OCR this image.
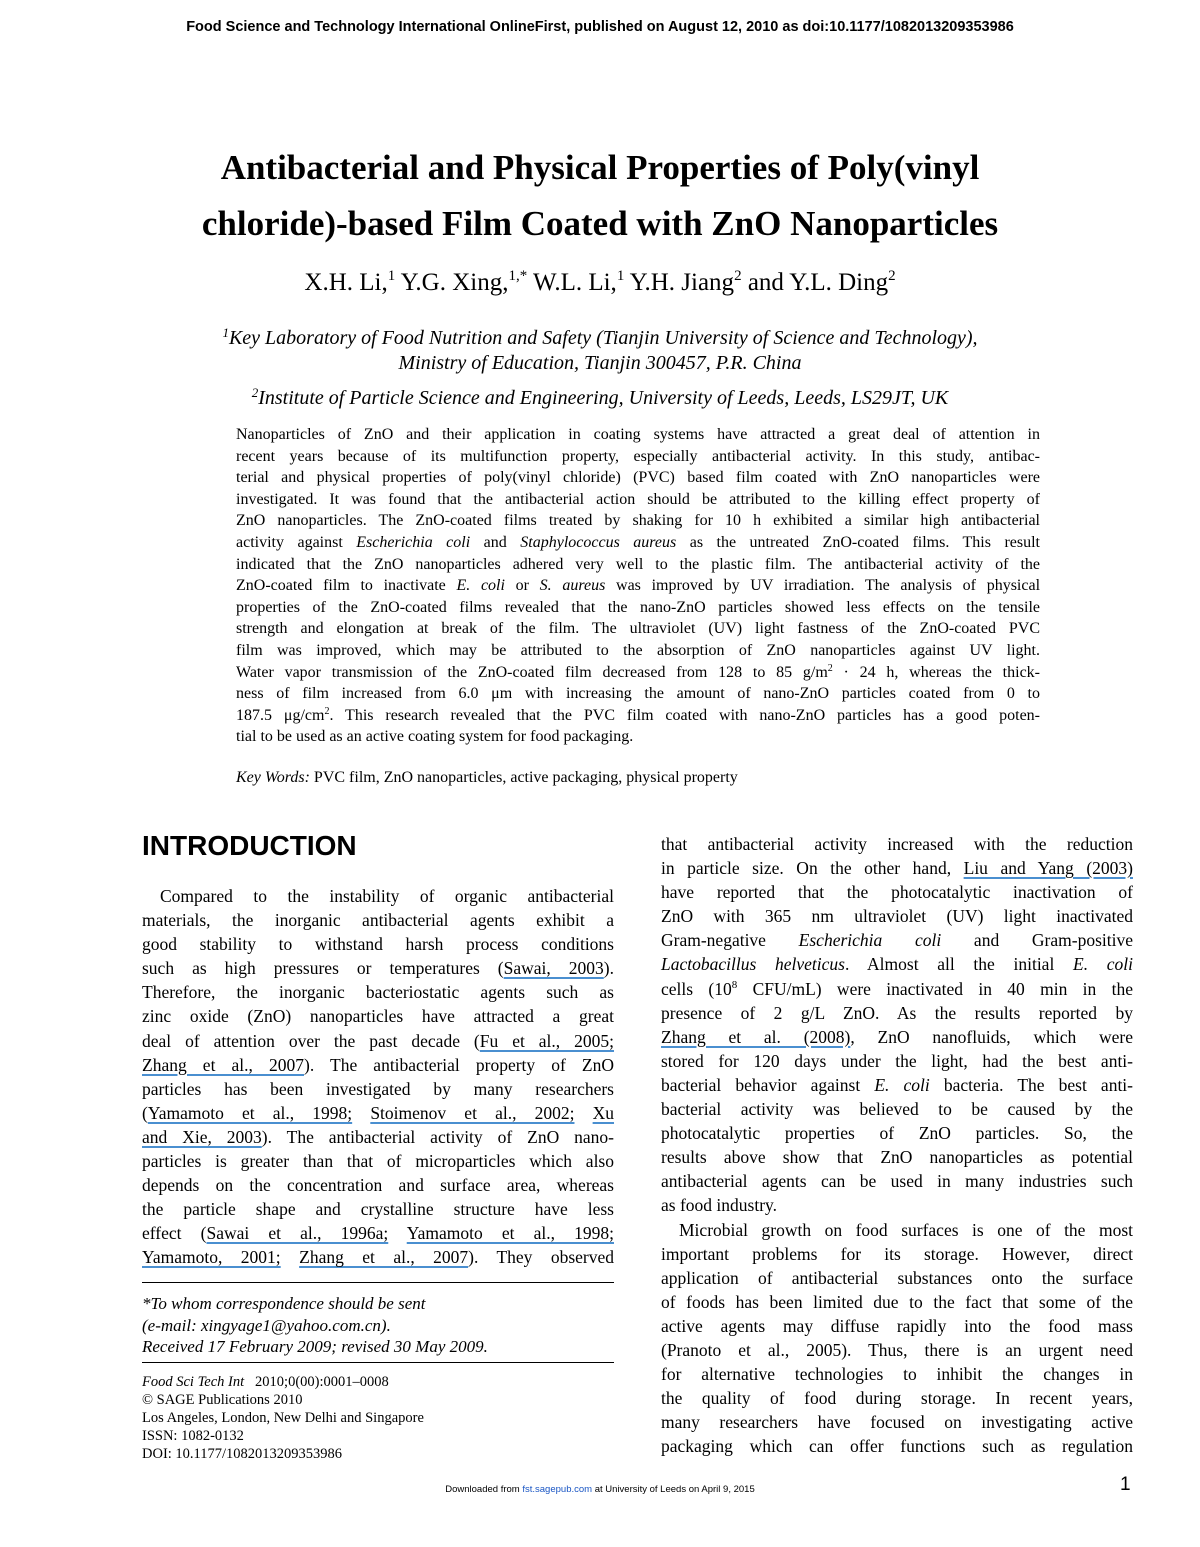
Food Science and Technology International OnlineFirst, published on August 12, 2010 as doi:10.1177/1082013209353986
Antibacterial and Physical Properties of Poly(vinyl
chloride)-based Film Coated with ZnO Nanoparticles
X.H. Li,$^1$ Y.G. Xing,$^{1,*}$ W.L. Li,$^1$ Y.H. Jiang$^2$ and Y.L. Ding$^2$
$^1$Key Laboratory of Food Nutrition and Safety (Tianjin University of Science and Technology),
Ministry of Education, Tianjin 300457, P.R. China
$^2$Institute of Particle Science and Engineering, University of Leeds, Leeds, LS29JT, UK
Nanoparticles of ZnO and their application in coating systems have attracted a great deal of attention in
recent years because of its multifunction property, especially antibacterial activity. In this study, antibac-
terial and physical properties of poly(vinyl chloride) (PVC) based film coated with ZnO nanoparticles were
investigated. It was found that the antibacterial action should be attributed to the killing effect property of
ZnO nanoparticles. The ZnO-coated films treated by shaking for 10 h exhibited a similar high antibacterial
activity against Escherichia coli and Staphylococcus aureus as the untreated ZnO-coated films. This result
indicated that the ZnO nanoparticles adhered very well to the plastic film. The antibacterial activity of the
ZnO-coated film to inactivate E. coli or S. aureus was improved by UV irradiation. The analysis of physical
properties of the ZnO-coated films revealed that the nano-ZnO particles showed less effects on the tensile
strength and elongation at break of the film. The ultraviolet (UV) light fastness of the ZnO-coated PVC
film was improved, which may be attributed to the absorption of ZnO nanoparticles against UV light.
Water vapor transmission of the ZnO-coated film decreased from 128 to 85 $g/m^2 \cdot 24$ h, whereas the thick-
ness of film increased from 6.0 μm with increasing the amount of nano-ZnO particles coated from 0 to
187.5 $\mu g/cm^2$. This research revealed that the PVC film coated with nano-ZnO particles has a good poten-
tial to be used as an active coating system for food packaging.
Key Words: PVC film, ZnO nanoparticles, active packaging, physical property
INTRODUCTION
Compared to the instability of organic antibacterial
materials, the inorganic antibacterial agents exhibit a
good stability to withstand harsh process conditions
such as high pressures or temperatures (Sawai, 2003).
Therefore, the inorganic bacteriostatic agents such as
zinc oxide (ZnO) nanoparticles have attracted a great
deal of attention over the past decade (Fu et al., 2005;
Zhang et al., 2007). The antibacterial property of ZnO
particles has been investigated by many researchers
(Yamamoto et al., 1998; Stoimenov et al., 2002; Xu
and Xie, 2003). The antibacterial activity of ZnO nano-
particles is greater than that of microparticles which also
depends on the concentration and surface area, whereas
the particle shape and crystalline structure have less
effect (Sawai et al., 1996a; Yamamoto et al., 1998;
Yamamoto, 2001; Zhang et al., 2007). They observed
*To whom correspondence should be sent
(e-mail: xingyage1@yahoo.com.cn).
Received 17 February 2009; revised 30 May 2009.
Food Sci Tech Int 2010;0(00):0001–0008
© SAGE Publications 2010
Los Angeles, London, New Delhi and Singapore
ISSN: 1082-0132
DOI: 10.1177/1082013209353986
that antibacterial activity increased with the reduction
in particle size. On the other hand, Liu and Yang (2003)
have reported that the photocatalytic inactivation of
ZnO with 365 nm ultraviolet (UV) light inactivated
Gram-negative Escherichia coli and Gram-positive
Lactobacillus helveticus. Almost all the initial E. coli
cells ($10^8$ CFU/mL) were inactivated in 40 min in the
presence of 2 g/L ZnO. As the results reported by
Zhang et al. (2008), ZnO nanofluids, which were
stored for 120 days under the light, had the best anti-
bacterial behavior against E. coli bacteria. The best anti-
bacterial activity was believed to be caused by the
photocatalytic properties of ZnO particles. So, the
results above show that ZnO nanoparticles as potential
antibacterial agents can be used in many industries such
as food industry.
Microbial growth on food surfaces is one of the most
important problems for its storage. However, direct
application of antibacterial substances onto the surface
of foods has been limited due to the fact that some of the
active agents may diffuse rapidly into the food mass
(Pranoto et al., 2005). Thus, there is an urgent need
for alternative technologies to inhibit the changes in
the quality of food during storage. In recent years,
many researchers have focused on investigating active
packaging which can offer functions such as regulation
Downloaded from fst.sagepub.com at University of Leeds on April 9, 2015	1
